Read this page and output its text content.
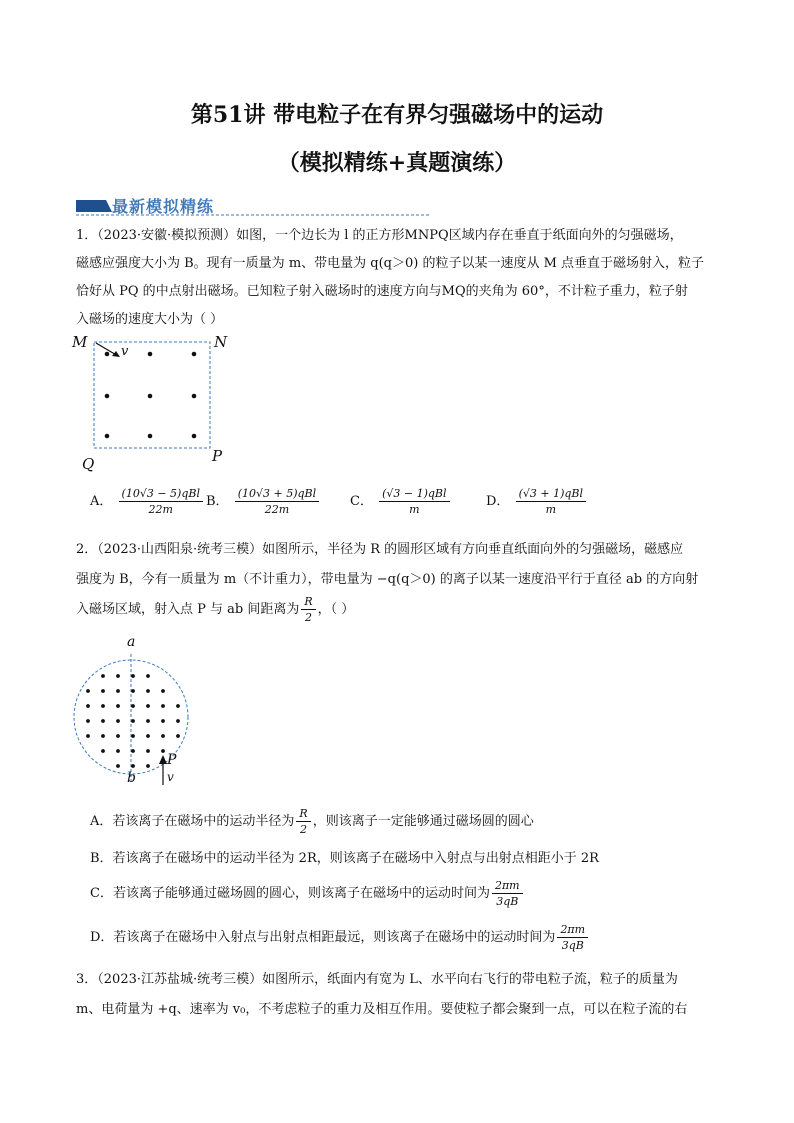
第51讲 带电粒子在有界匀强磁场中的运动
（模拟精练+真题演练）
最新模拟精练
1．（2023·安徽·模拟预测）如图，一个边长为 l 的正方形MNPQ区域内存在垂直于纸面向外的匀强磁场，
磁感应强度大小为 B。现有一质量为 m、带电量为 q(q＞0) 的粒子以某一速度从 M 点垂直于磁场射入，粒子
恰好从 PQ 的中点射出磁场。已知粒子射入磁场时的速度方向与MQ的夹角为 60°，不计粒子重力，粒子射
入磁场的速度大小为（ ）
M	N
Q	P
v
A． $\frac{\text{(10√3 − 5)qBl}}{22m}$ B． $\frac{\text{(10√3 + 5)qBl}}{22m}$ C． $\frac{\text{(√3 − 1)qBl}}{m}$	D． $\frac{\text{(√3 + 1)qBl}}{m}$
2．（2023·山西阳泉·统考三模）如图所示，半径为 R 的圆形区域有方向垂直纸面向外的匀强磁场，磁感应
强度为 B，今有一质量为 m（不计重力），带电量为 −q(q＞0) 的离子以某一速度沿平行于直径 ab 的方向射
入磁场区域，射入点 P 与 ab 间距离为 $\frac{R}{2}$ ，（ ）
a
b
P
v
A．若该离子在磁场中的运动半径为 $\frac{R}{2}$ ，则该离子一定能够通过磁场圆的圆心
B．若该离子在磁场中的运动半径为 2R，则该离子在磁场中入射点与出射点相距小于 2R
C．若该离子能够通过磁场圆的圆心，则该离子在磁场中的运动时间为 $\frac{2\pi m}{3qB}$
D．若该离子在磁场中入射点与出射点相距最远，则该离子在磁场中的运动时间为 $\frac{2\pi m}{3qB}$
3．（2023·江苏盐城·统考三模）如图所示，纸面内有宽为 L、水平向右飞行的带电粒子流，粒子的质量为
m、电荷量为 +q、速率为 v₀，不考虑粒子的重力及相互作用。要使粒子都会聚到一点，可以在粒子流的右
